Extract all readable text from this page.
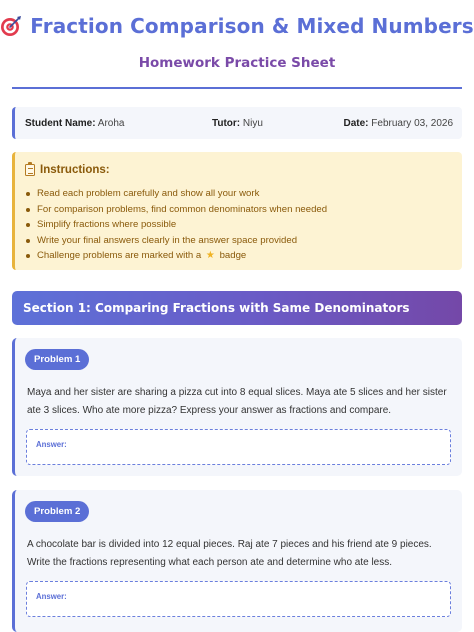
Fraction Comparison & Mixed Numbers
Homework Practice Sheet
Student Name: Aroha	Tutor: Niyu	Date: February 03, 2026
Instructions:
Read each problem carefully and show all your work
For comparison problems, find common denominators when needed
Simplify fractions where possible
Write your final answers clearly in the answer space provided
Challenge problems are marked with a ★ badge
Section 1: Comparing Fractions with Same Denominators
Problem 1
Maya and her sister are sharing a pizza cut into 8 equal slices. Maya ate 5 slices and her sister ate 3 slices. Who ate more pizza? Express your answer as fractions and compare.
Answer:
Problem 2
A chocolate bar is divided into 12 equal pieces. Raj ate 7 pieces and his friend ate 9 pieces. Write the fractions representing what each person ate and determine who ate less.
Answer:
